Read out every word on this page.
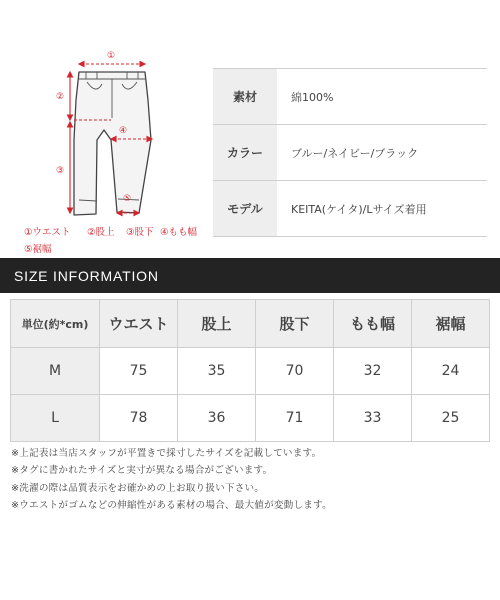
①
②
③
④
⑤
①ウエスト ②股上 ③股下 ④もも幅
⑤裾幅
素材	綿100%
カラー	ブルー/ネイビー/ブラック
モデル	KEITA(ケイタ)/Lサイズ着用
SIZE INFORMATION
単位(約*cm)	ウエスト	股上	股下	もも幅	裾幅
M	75	35	70	32	24
L	78	36	71	33	25
※上記表は当店スタッフが平置きで採寸したサイズを記載しています。
※タグに書かれたサイズと実寸が異なる場合がございます。
※洗濯の際は品質表示をお確かめの上お取り扱い下さい。
※ウエストがゴムなどの伸縮性がある素材の場合、最大値が変動します。
